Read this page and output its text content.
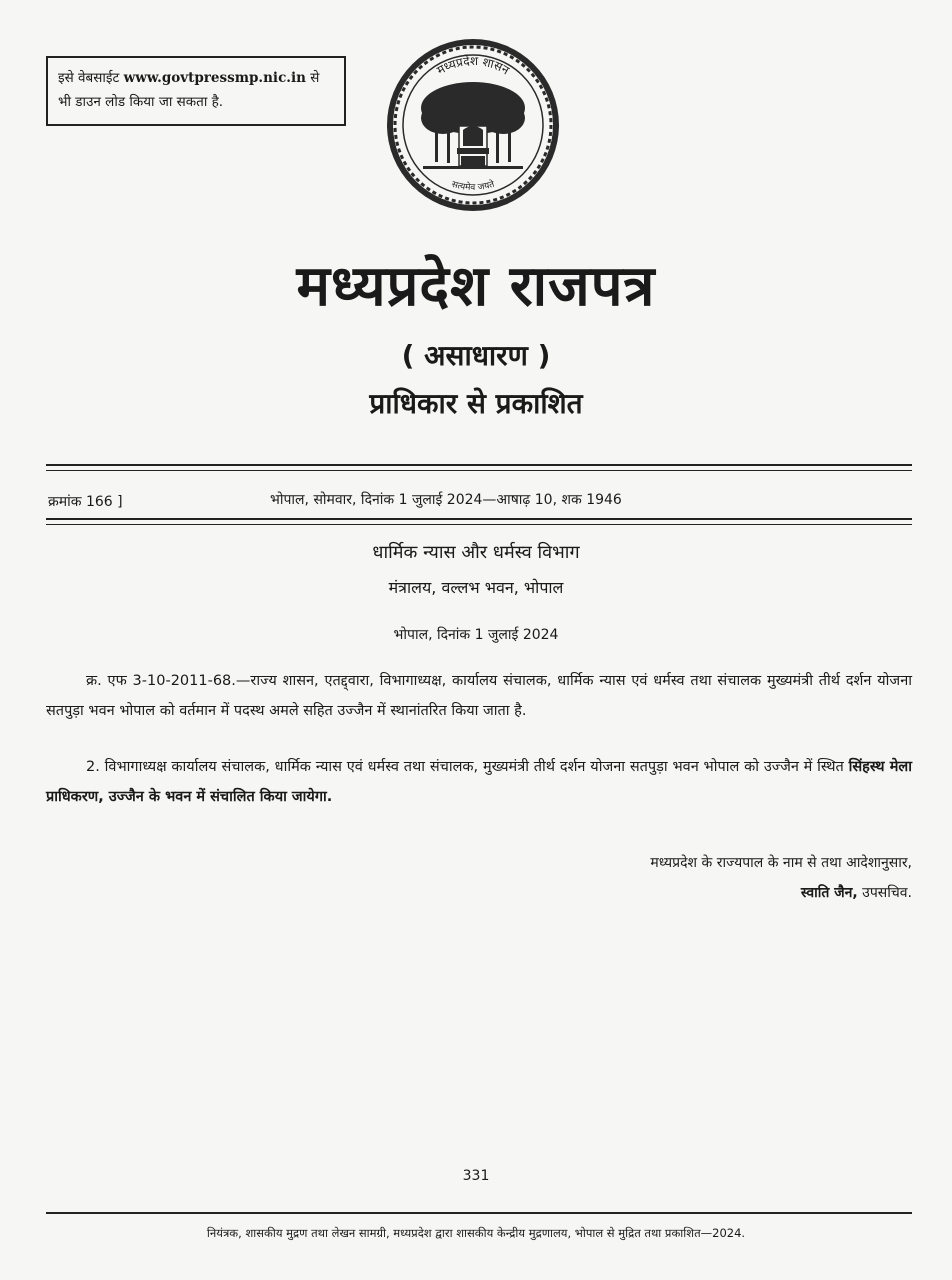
इसे वेबसाईट www.govtpressmp.nic.in से
भी डाउन लोड किया जा सकता है.
मध्यप्रदेश शासन
सत्यमेव जयते
मध्यप्रदेश राजपत्र
( असाधारण )
प्राधिकार से प्रकाशित
क्रमांक 166 ]	भोपाल, सोमवार, दिनांक 1 जुलाई 2024—आषाढ़ 10, शक 1946
धार्मिक न्यास और धर्मस्व विभाग
मंत्रालय, वल्लभ भवन, भोपाल
भोपाल, दिनांक 1 जुलाई 2024
क्र. एफ 3-10-2011-68.—राज्य शासन, एतद्द्वारा, विभागाध्यक्ष, कार्यालय संचालक, धार्मिक न्यास एवं धर्मस्व तथा संचालक मुख्यमंत्री तीर्थ दर्शन योजना सतपुड़ा भवन भोपाल को वर्तमान में पदस्थ अमले सहित उज्जैन में स्थानांतरित किया जाता है.
2. विभागाध्यक्ष कार्यालय संचालक, धार्मिक न्यास एवं धर्मस्व तथा संचालक, मुख्यमंत्री तीर्थ दर्शन योजना सतपुड़ा भवन भोपाल को उज्जैन में स्थित सिंहस्थ मेला प्राधिकरण, उज्जैन के भवन में संचालित किया जायेगा.
मध्यप्रदेश के राज्यपाल के नाम से तथा आदेशानुसार,
स्वाति जैन, उपसचिव.
331
नियंत्रक, शासकीय मुद्रण तथा लेखन सामग्री, मध्यप्रदेश द्वारा शासकीय केन्द्रीय मुद्रणालय, भोपाल से मुद्रित तथा प्रकाशित—2024.
